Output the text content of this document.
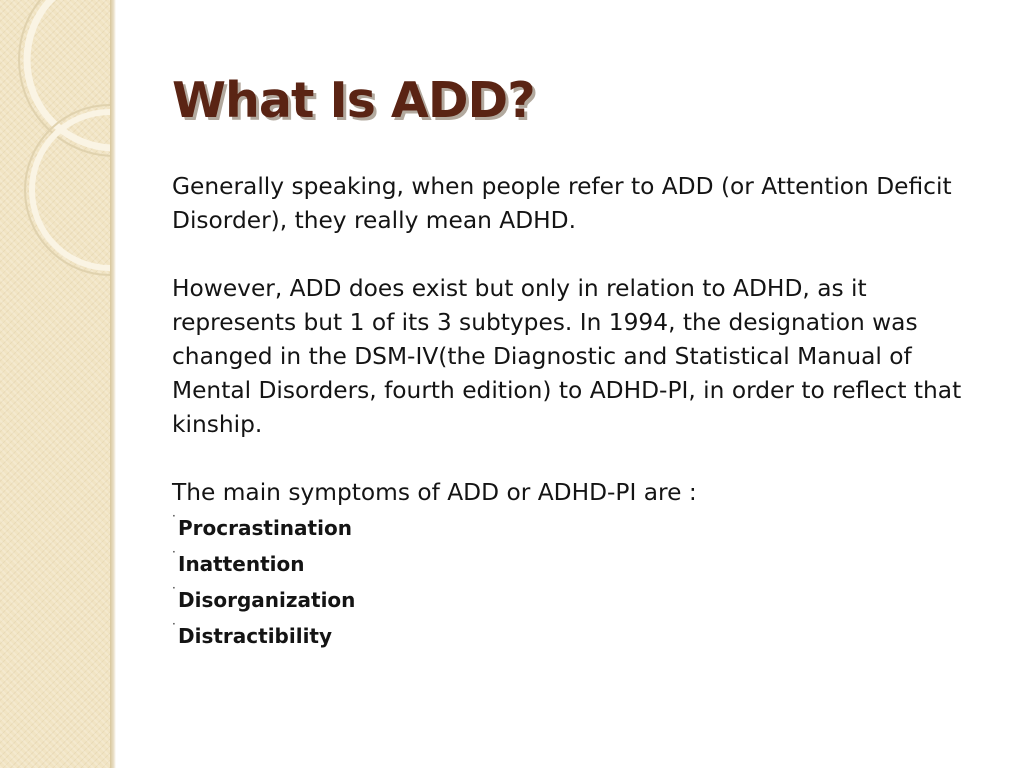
What Is ADD?

Generally speaking, when people refer to ADD (or Attention Deficit Disorder), they really mean ADHD.

However, ADD does exist but only in relation to ADHD, as it represents but 1 of its 3 subtypes. In 1994, the designation was changed in the DSM-IV(the Diagnostic and Statistical Manual of Mental Disorders, fourth edition) to ADHD-PI, in order to reflect that kinship.

The main symptoms of ADD or ADHD-PI are :

· Procrastination
· Inattention
· Disorganization
· Distractibility
